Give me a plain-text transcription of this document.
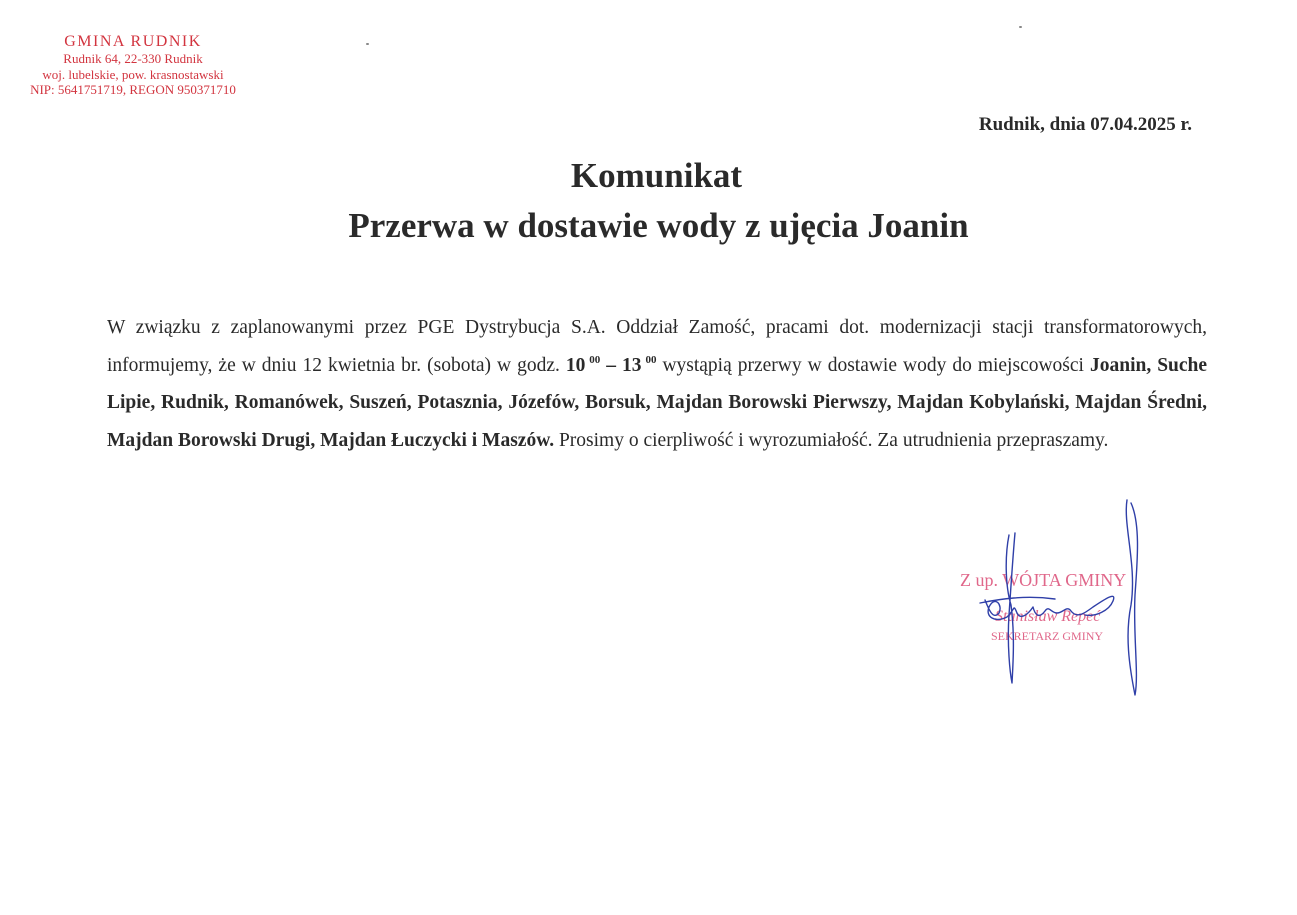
GMINA RUDNIK
Rudnik 64, 22-330 Rudnik
woj. lubelskie, pow. krasnostawski
NIP: 5641751719, REGON 950371710
Rudnik, dnia 07.04.2025 r.
Komunikat
Przerwa w dostawie wody z ujęcia Joanin

W związku z zaplanowanymi przez PGE Dystrybucja S.A. Oddział Zamość, pracami dot. modernizacji stacji transformatorowych, informujemy, że w dniu 12 kwietnia br. (sobota) w godz. 10  $^{00}$ – 13  $^{00}$ wystąpią przerwy w dostawie wody do miejscowości Joanin, Suche Lipie, Rudnik, Romanówek, Suszeń, Potasznia, Józefów, Borsuk, Majdan Borowski Pierwszy, Majdan Kobylański, Majdan Średni, Majdan Borowski Drugi, Majdan Łuczycki i Maszów. Prosimy o cierpliwość i wyrozumiałość. Za utrudnienia przepraszamy.

Z up. WÓJTA GMINY
Stanisław Repeć
SEKRETARZ GMINY
